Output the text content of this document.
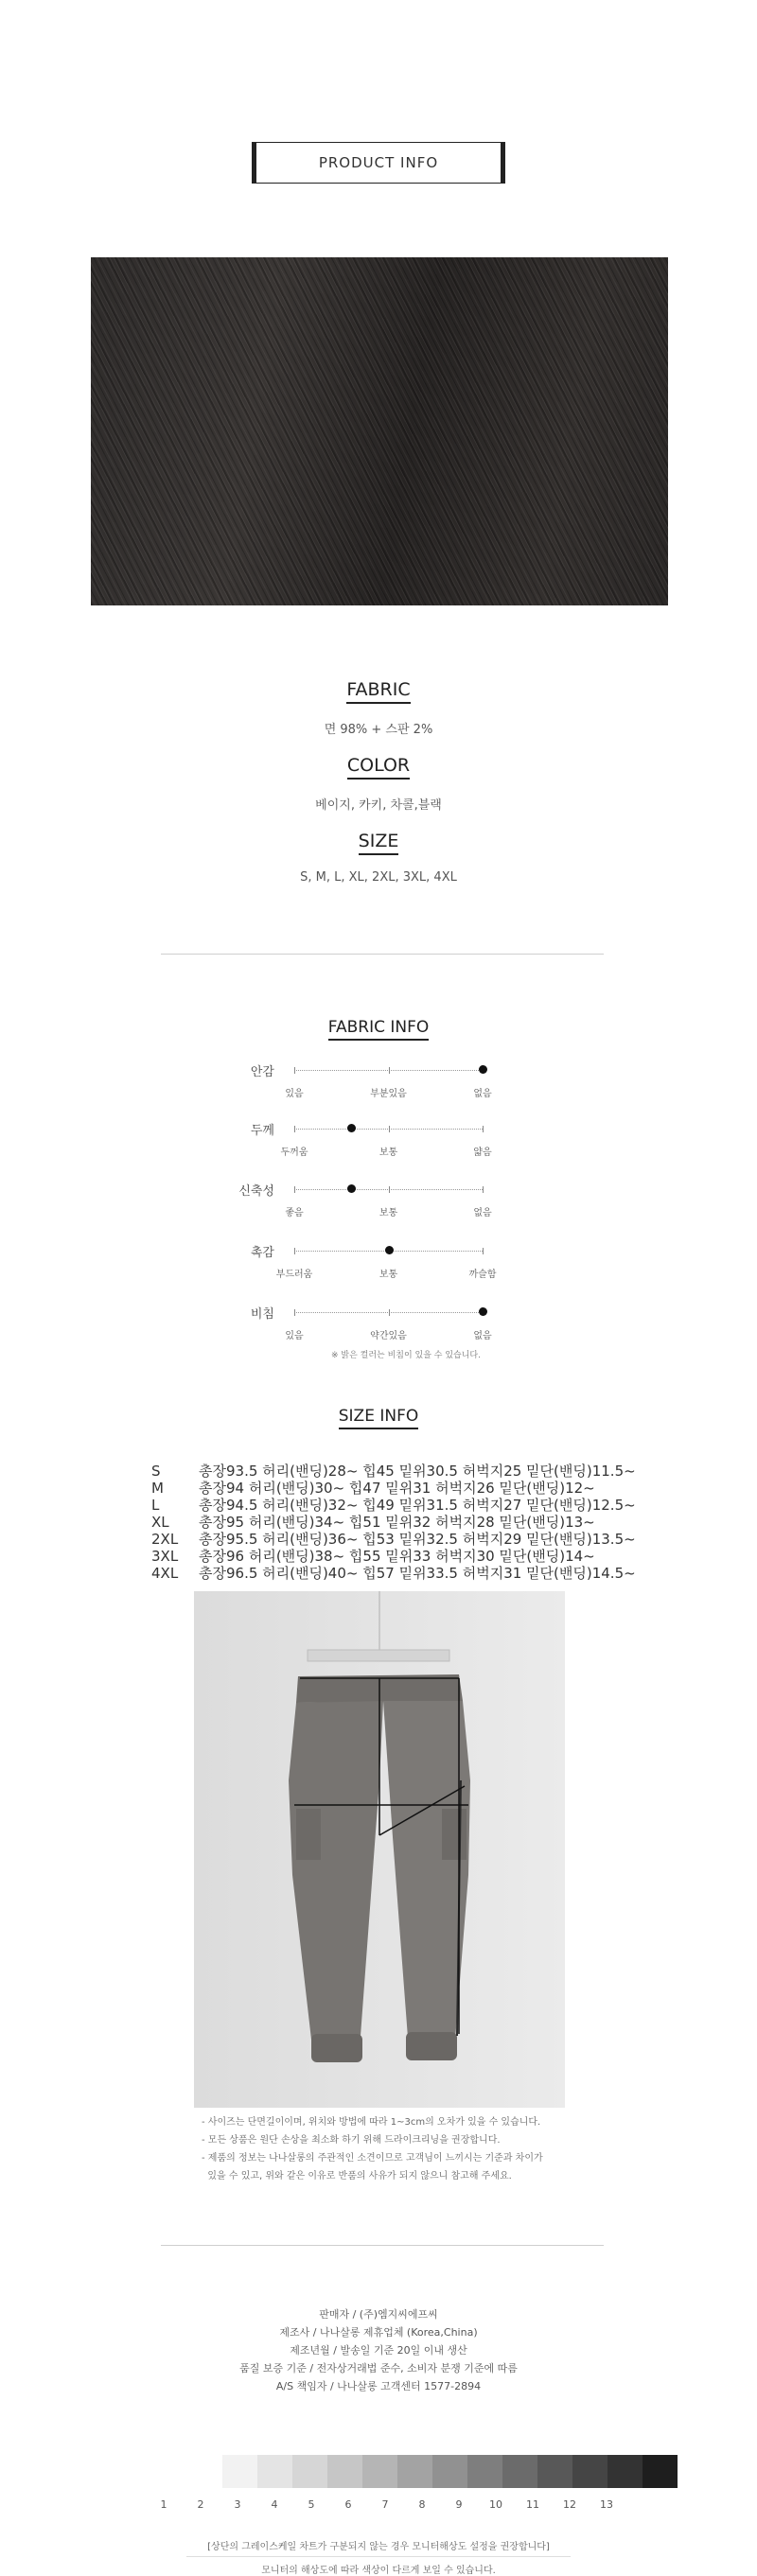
PRODUCT INFO
FABRIC
면 98% + 스판 2%
COLOR
베이지, 카키, 차콜,블랙
SIZE
S, M, L, XL, 2XL, 3XL, 4XL
FABRIC INFO
안감
있음	부분있음	없음
두께
두꺼움	보통	얇음
신축성
좋음	보통	없음
촉감
부드러움	보통	까슬함
비침
있음	약간있음	없음
※ 밝은 컬러는 비침이 있을 수 있습니다.
SIZE INFO
S	총장93.5 허리(밴딩)28~ 힙45 밑위30.5 허벅지25 밑단(밴딩)11.5~
M 총장94 허리(밴딩)30~ 힙47 밑위31 허벅지26 밑단(밴딩)12~
L	총장94.5 허리(밴딩)32~ 힙49 밑위31.5 허벅지27 밑단(밴딩)12.5~
XL 총장95 허리(밴딩)34~ 힙51 밑위32 허벅지28 밑단(밴딩)13~
2XL 총장95.5 허리(밴딩)36~ 힙53 밑위32.5 허벅지29 밑단(밴딩)13.5~
3XL 총장96 허리(밴딩)38~ 힙55 밑위33 허벅지30 밑단(밴딩)14~
4XL 총장96.5 허리(밴딩)40~ 힙57 밑위33.5 허벅지31 밑단(밴딩)14.5~
- 사이즈는 단면길이이며, 위치와 방법에 따라 1~3cm의 오차가 있을 수 있습니다.
- 모든 상품은 원단 손상을 최소화 하기 위해 드라이크리닝을 권장합니다.
- 제품의 정보는 나나살롱의 주관적인 소견이므로 고객님이 느끼시는 기준과 차이가
있을 수 있고, 위와 같은 이유로 반품의 사유가 되지 않으니 참고해 주세요.
판매자 / (주)엠지씨에프씨
제조사 / 나나살롱 제휴업체 (Korea,China)
제조년월 / 발송일 기준 20일 이내 생산
품질 보증 기준 / 전자상거래법 준수, 소비자 분쟁 기준에 따름
A/S 책임자 / 나나살롱 고객센터 1577-2894
1	2	3	4	5	6	7	8	9	10 11 12 13
[상단의 그레이스케일 차트가 구분되지 않는 경우 모니터해상도 설정을 권장합니다]
모니터의 해상도에 따라 색상이 다르게 보일 수 있습니다.
